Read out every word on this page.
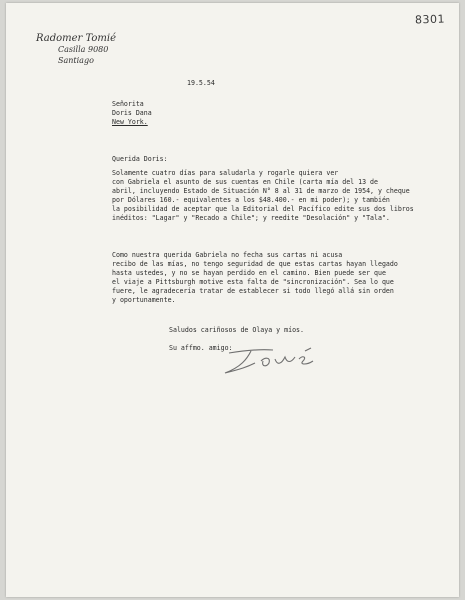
8301
Radomer Tomié
Casilla 9080
Santiago
19.5.54
Señorita
Doris Dana
New York.
Querida Doris:
Solamente cuatro días para saludarla y rogarle quiera ver
con Gabriela el asunto de sus cuentas en Chile (carta mía del 13 de
abril, incluyendo Estado de Situación N° 8 al 31 de marzo de 1954, y cheque
por Dólares 160.- equivalentes a los $48.400.- en mi poder); y también
la posibilidad de aceptar que la Editorial del Pacífico edite sus dos libros
inéditos: "Lagar" y "Recado a Chile"; y reedite "Desolación" y "Tala".
Como nuestra querida Gabriela no fecha sus cartas ni acusa
recibo de las mías, no tengo seguridad de que estas cartas hayan llegado
hasta ustedes, y no se hayan perdido en el camino. Bien puede ser que
el viaje a Pittsburgh motive esta falta de "sincronización". Sea lo que
fuere, le agradecería tratar de establecer si todo llegó allá sin orden
y oportunamente.
Saludos cariñosos de Olaya y míos.
Su affmo. amigo:
